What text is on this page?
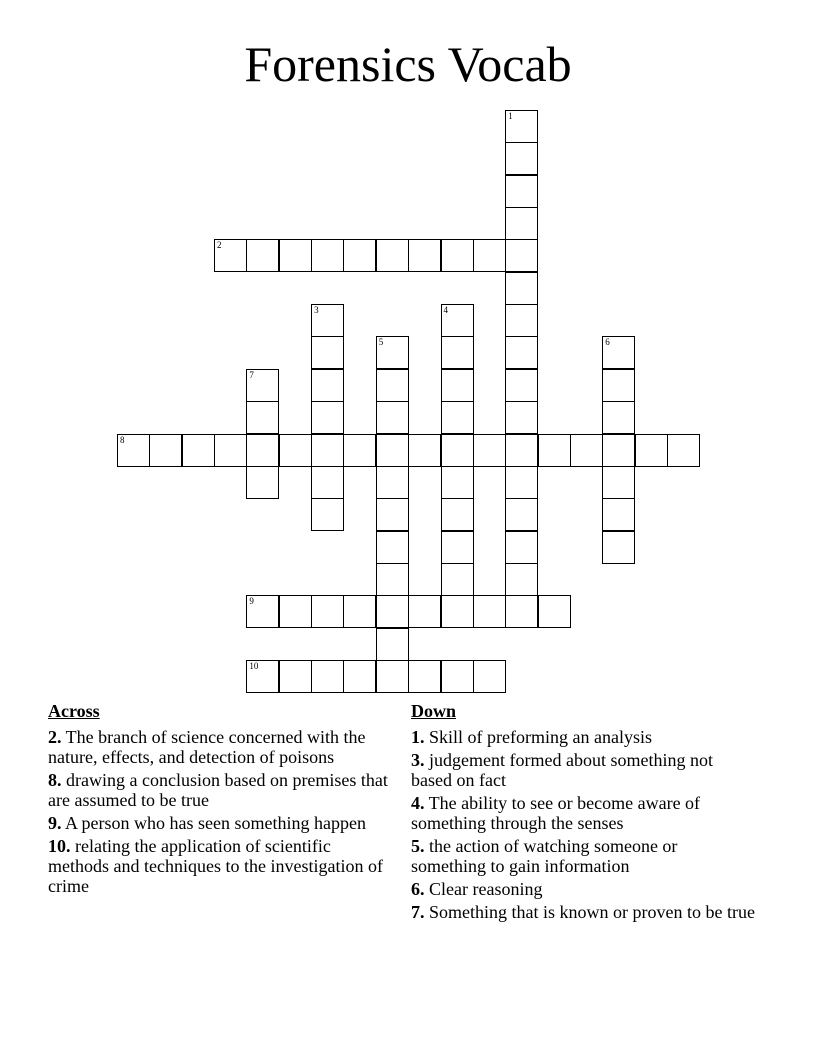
Forensics Vocab
1
2
3	4
5	6
7
8
9
10
Across
2. The branch of science concerned with the nature, effects, and detection of poisons
8. drawing a conclusion based on premises that are assumed to be true
9. A person who has seen something happen
10. relating the application of scientific methods and techniques to the investigation of crime
Down
1. Skill of preforming an analysis
3. judgement formed about something not based on fact
4. The ability to see or become aware of something through the senses
5. the action of watching someone or something to gain information
6. Clear reasoning
7. Something that is known or proven to be true
